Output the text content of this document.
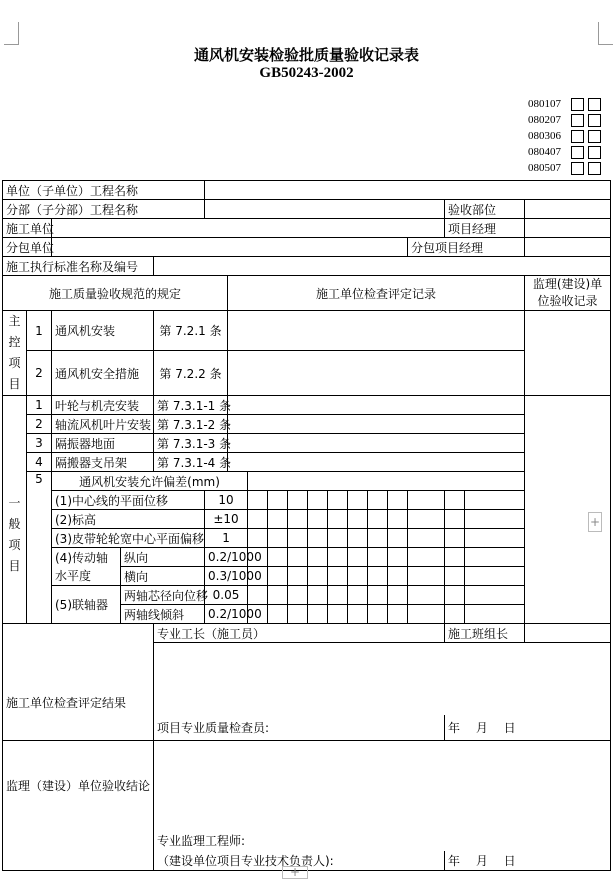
通风机安装检验批质量验收记录表
GB50243-2002
080107
080207
080306
080407
080507
单位（子单位）工程名称																			
分部（子分部）工程名称																验收部位			
施工单位																项目经理			
分包单位															分包项目经理				
施工执行标准名称及编号																			
施工质量验收规范的规定						施工单位检查评定记录												监理(建设)单位验收记录	
主控项目	1	通风机安装		第 7.2.1 条															
	2	通风机安全措施		第 7.2.2 条															
一般项目	1	叶轮与机壳安装		第 7.3.1-1 条															
	2	轴流风机叶片安装		第 7.3.1-2 条															
	3	隔振器地面		第 7.3.1-3 条															
	4	隔搬器支吊架		第 7.3.1-4 条															
	5	通风机安装允许偏差(mm)																	
		(1)中心线的平面位移			10														
		(2)标高			±10														
		(3)皮带轮轮宽中心平面偏移			1														
		(4)传动轴水平度	纵向		0.2/1000														
			横向		0.3/1000														
		(5)联轴器	两轴芯径向位移		0.05														
			两轴线倾斜		0.2/1000														
施工单位检查评定结果				专业工长（施工员）												施工班组长			

				项目专业质量检查员:												年　 月　 日			
监理（建设）单位验收结论																			
				专业监理工程师:															
				（建设单位项目专业技术负责人):												年　 月　 日			
+
+
